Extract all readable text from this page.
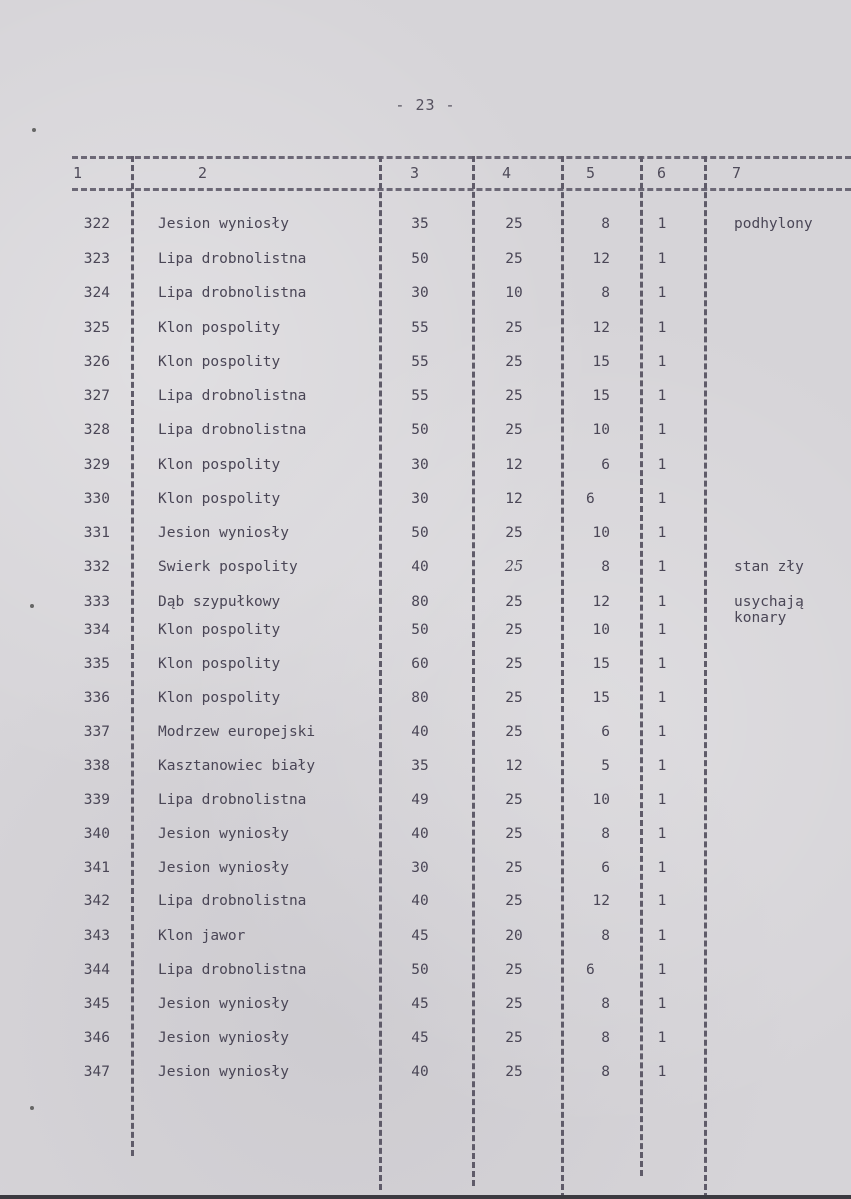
- 23 -
1	2	3	4	5	6	7
322	Jesion wyniosły	35	25	8	1	podhylony
323	Lipa drobnolistna	50	25	12	1
324	Lipa drobnolistna	30	10	8	1
325	Klon pospolity	55	25	12	1
326	Klon pospolity	55	25	15	1
327	Lipa drobnolistna	55	25	15	1
328	Lipa drobnolistna	50	25	10	1
329	Klon pospolity	30	12	6	1
330	Klon pospolity	30	12	6	1
331	Jesion wyniosły	50	25	10	1
332	Swierk pospolity	40	25	8	1	stan zły
333	Dąb szypułkowy	80	25	12	1	usychają
konary
334	Klon pospolity	50	25	10	1
335	Klon pospolity	60	25	15	1
336	Klon pospolity	80	25	15	1
337	Modrzew europejski	40	25	6	1
338	Kasztanowiec biały	35	12	5	1
339	Lipa drobnolistna	49	25	10	1
340	Jesion wyniosły	40	25	8	1
341	Jesion wyniosły	30	25	6	1
342	Lipa drobnolistna	40	25	12	1
343	Klon jawor	45	20	8	1
344	Lipa drobnolistna	50	25	6	1
345	Jesion wyniosły	45	25	8	1
346	Jesion wyniosły	45	25	8	1
347	Jesion wyniosły	40	25	8	1
